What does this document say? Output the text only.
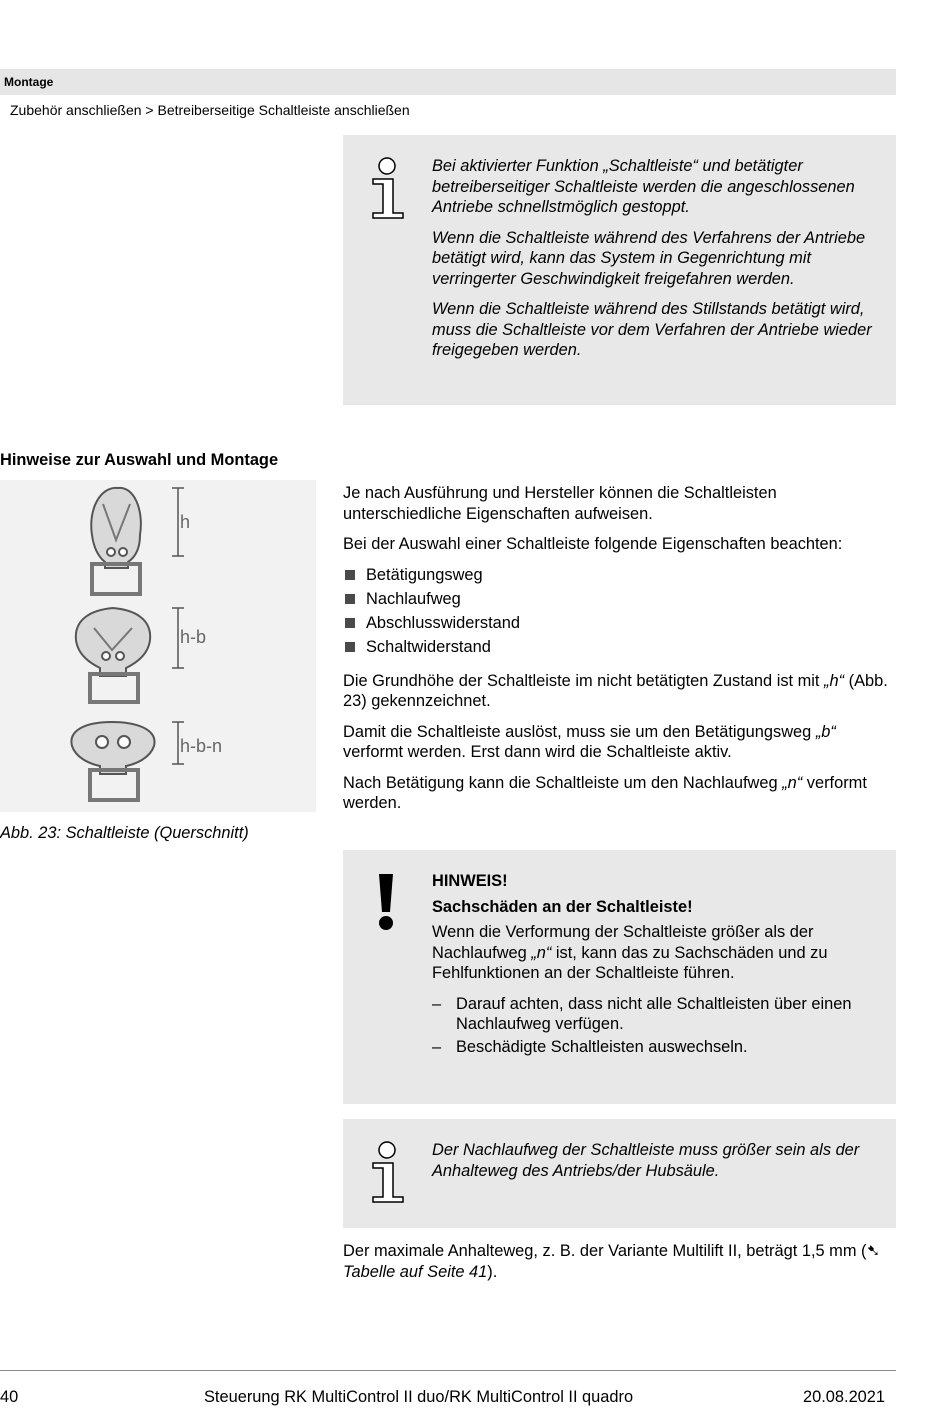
Montage
Zubehör anschließen > Betreiberseitige Schaltleiste anschließen

Bei aktivierter Funktion „Schaltleiste“ und betätigter betreiberseitiger Schaltleiste werden die angeschlossenen Antriebe schnellstmöglich gestoppt.

Wenn die Schaltleiste während des Verfahrens der Antriebe betätigt wird, kann das System in Gegenrichtung mit verringerter Geschwindigkeit freigefahren werden.

Wenn die Schaltleiste während des Stillstands betätigt wird, muss die Schaltleiste vor dem Verfahren der Antriebe wieder freigegeben werden.

Hinweise zur Auswahl und Montage
h
h-b
h-b-n
Abb. 23: Schaltleiste (Querschnitt)

Je nach Ausführung und Hersteller können die Schaltleisten unterschiedliche Eigenschaften aufweisen.

Bei der Auswahl einer Schaltleiste folgende Eigenschaften beachten:

Betätigungsweg
Nachlaufweg
Abschlusswiderstand
Schaltwiderstand

Die Grundhöhe der Schaltleiste im nicht betätigten Zustand ist mit „h“ (Abb. 23) gekennzeichnet.

Damit die Schaltleiste auslöst, muss sie um den Betätigungsweg „b“ verformt werden. Erst dann wird die Schaltleiste aktiv.

Nach Betätigung kann die Schaltleiste um den Nachlaufweg „n“ verformt werden.

HINWEIS!
Sachschäden an der Schaltleiste!

Wenn die Verformung der Schaltleiste größer als der Nachlaufweg „n“ ist, kann das zu Sachschäden und zu Fehlfunktionen an der Schaltleiste führen.

– Darauf achten, dass nicht alle Schaltleisten über einen Nachlaufweg verfügen.
– Beschädigte Schaltleisten auswechseln.

Der Nachlaufweg der Schaltleiste muss größer sein als der Anhalteweg des Antriebs/der Hubsäule.

Der maximale Anhalteweg, z. B. der Variante Multilift II, beträgt 1,5 mm (➷ Tabelle auf Seite 41).
40	Steuerung RK MultiControl II duo/RK MultiControl II quadro	20.08.2021
